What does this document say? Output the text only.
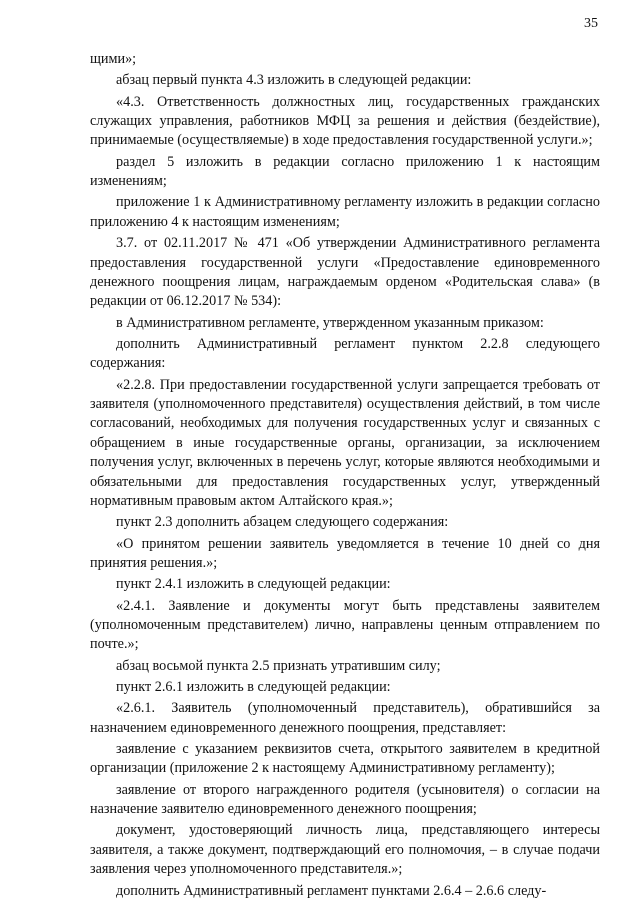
35

щими»;

абзац первый пункта 4.3 изложить в следующей редакции:

«4.3. Ответственность должностных лиц, государственных гражданских служащих управления, работников МФЦ за решения и действия (бездействие), принимаемые (осуществляемые) в ходе предоставления государственной услуги.»;

раздел 5 изложить в редакции согласно приложению 1 к настоящим изменениям;

приложение 1 к Административному регламенту изложить в редакции согласно приложению 4 к настоящим изменениям;

3.7. от 02.11.2017 № 471 «Об утверждении Административного регламента предоставления государственной услуги «Предоставление единовременного денежного поощрения лицам, награждаемым орденом «Родительская слава» (в редакции от 06.12.2017 № 534):

в Административном регламенте, утвержденном указанным приказом:

дополнить Административный регламент пунктом 2.2.8 следующего содержания:

«2.2.8. При предоставлении государственной услуги запрещается требовать от заявителя (уполномоченного представителя) осуществления действий, в том числе согласований, необходимых для получения государственных услуг и связанных с обращением в иные государственные органы, организации, за исключением получения услуг, включенных в перечень услуг, которые являются необходимыми и обязательными для предоставления государственных услуг, утвержденный нормативным правовым актом Алтайского края.»;

пункт 2.3 дополнить абзацем следующего содержания:

«О принятом решении заявитель уведомляется в течение 10 дней со дня принятия решения.»;

пункт 2.4.1 изложить в следующей редакции:

«2.4.1. Заявление и документы могут быть представлены заявителем (уполномоченным представителем) лично, направлены ценным отправлением по почте.»;

абзац восьмой пункта 2.5 признать утратившим силу;

пункт 2.6.1 изложить в следующей редакции:

«2.6.1. Заявитель (уполномоченный представитель), обратившийся за назначением единовременного денежного поощрения, представляет:

заявление с указанием реквизитов счета, открытого заявителем в кредитной организации (приложение 2 к настоящему Административному регламенту);

заявление от второго награжденного родителя (усыновителя) о согласии на назначение заявителю единовременного денежного поощрения;

документ, удостоверяющий личность лица, представляющего интересы заявителя, а также документ, подтверждающий его полномочия, – в случае подачи заявления через уполномоченного представителя.»;

дополнить Административный регламент пунктами 2.6.4 – 2.6.6 следу-
